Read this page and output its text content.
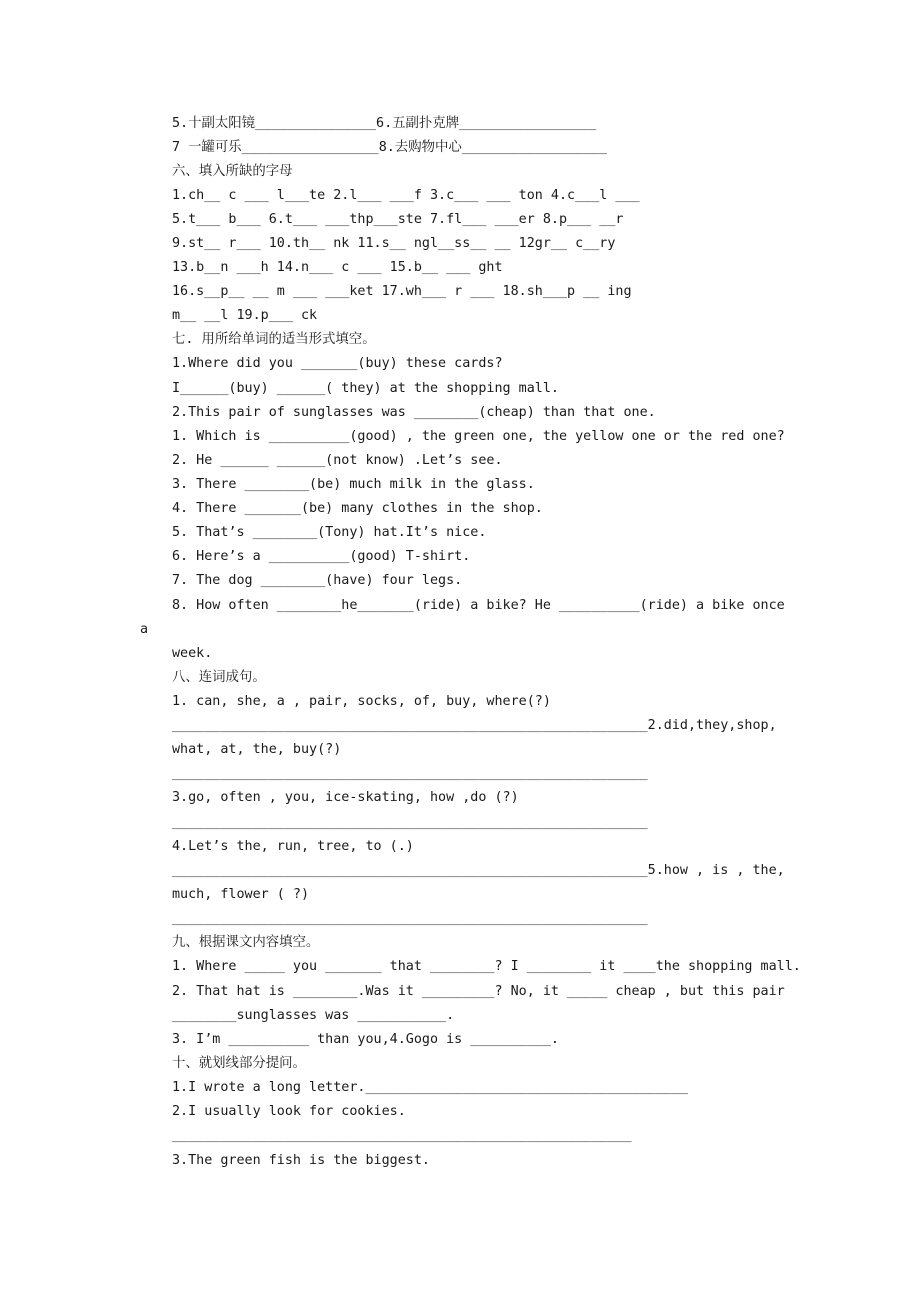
5.十副太阳镜_______________6.五副扑克牌_________________
7 一罐可乐_________________8.去购物中心__________________
六、填入所缺的字母
1.ch__ c ___ l___te 2.l___ ___f 3.c___ ___ ton 4.c___l ___
5.t___ b___ 6.t___ ___thp___ste 7.fl___ ___er 8.p___ __r
9.st__ r___ 10.th__ nk 11.s__ ngl__ss__ __ 12gr__ c__ry
13.b__n ___h 14.n___ c ___ 15.b__ ___ ght
16.s__p__ __ m ___ ___ket 17.wh___ r ___ 18.sh___p __ ing
m__ __l 19.p___ ck
七. 用所给单词的适当形式填空。
1.Where did you _______(buy) these cards?
I______(buy) ______( they) at the shopping mall.
2.This pair of sunglasses was ________(cheap) than that one.
1. Which is __________(good) , the green one, the yellow one or the red one?
2. He ______ ______(not know) .Let’s see.
3. There ________(be) much milk in the glass.
4. There _______(be) many clothes in the shop.
5. That’s ________(Tony) hat.It’s nice.
6. Here’s a __________(good) T-shirt.
7. The dog ________(have) four legs.
8. How often ________he_______(ride) a bike? He __________(ride) a bike once
a
week.
八、连词成句。
1. can, she, a , pair, socks, of, buy, where(?)
___________________________________________________________2.did,they,shop,
what, at, the, buy(?)
___________________________________________________________
3.go, often , you, ice-skating, how ,do (?)
___________________________________________________________
4.Let’s the, run, tree, to (.)
___________________________________________________________5.how , is , the,
much, flower ( ?)
___________________________________________________________
九、根据课文内容填空。
1. Where _____ you _______ that ________? I ________ it ____the shopping mall.
2. That hat is ________.Was it _________? No, it _____ cheap , but this pair
________sunglasses was ___________.
3. I’m __________ than you,4.Gogo is __________.
十、就划线部分提问。
1.I wrote a long letter.________________________________________
2.I usually look for cookies.
_________________________________________________________
3.The green fish is the biggest.
